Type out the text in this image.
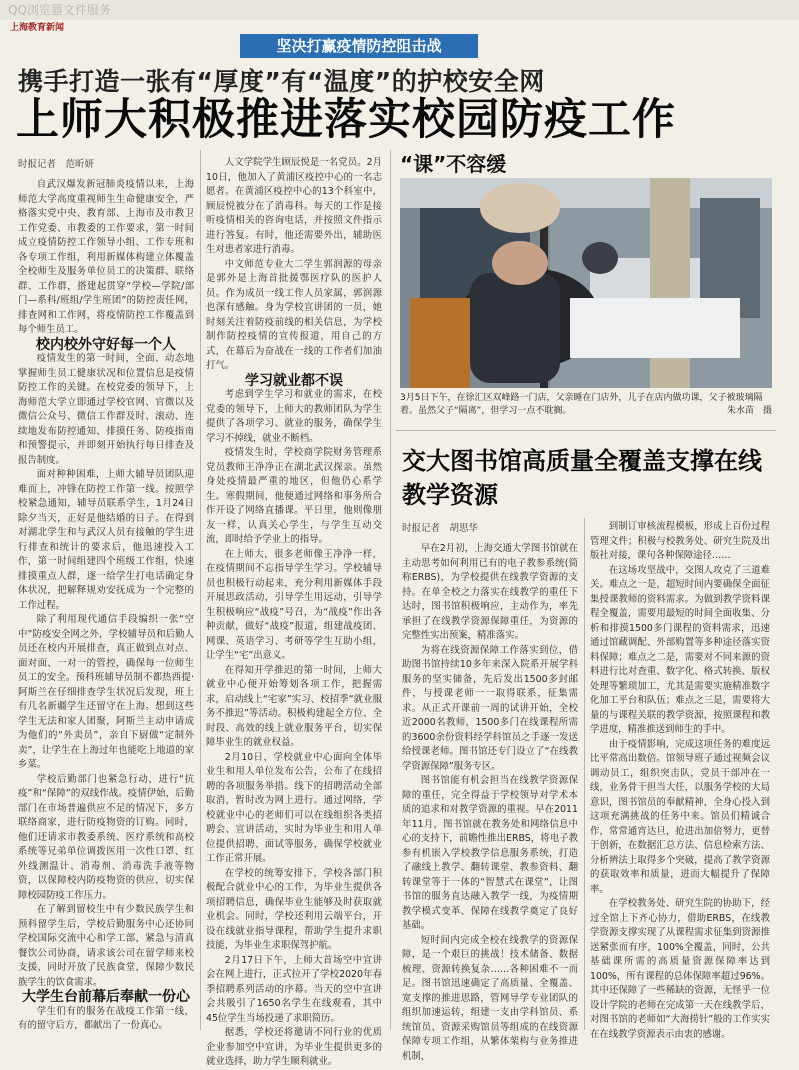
QQ浏览器文件服务
上海教育新闻
坚决打赢疫情防控阻击战
携手打造一张有“厚度”有“温度”的护校安全网
上师大积极推进落实校园防疫工作
时报记者　范昕妍

自武汉爆发新冠肺炎疫情以来，上海师范大学高度重视师生生命健康安全，严格落实党中央、教育部、上海市及市教卫工作党委、市教委的工作要求，第一时间成立疫情防控工作领导小组、工作专班和各专项工作组，利用新媒体构建立体覆盖全校师生及服务单位员工的决策群、联络群、工作群，搭建起贯穿“学校—学院/部门—系科/班组/学生班团”的防控责任网，排查网和工作网，将疫情防控工作覆盖到每个师生员工。

校内校外守好每一个人

疫情发生的第一时间，全面、动态地掌握师生员工健康状况和位置信息是疫情防控工作的关键。在校党委的领导下，上海师范大学立即通过学校官网、官微以及微信公众号、微信工作群及时、滚动、连续地发布防控通知、排摸任务、防疫指南和预警提示，并即刻开始执行每日排查及报告制度。

面对种种困难，上师大辅导员团队迎难而上，冲锋在防控工作第一线。按照学校紧急通知，辅导员联系学生，1月24日除夕当天，正好是他结婚的日子。在得到对湖北学生和与武汉人员有接触的学生进行排查和统计的要求后，他迅速投入工作，第一时间组建四个班级工作组，快速排摸重点人群，逐一给学生打电话确定身体状况，把解释规劝安抚成为一个完整的工作过程。

除了利用现代通信手段编织一张“空中”防疫安全网之外，学校辅导员和后勤人员还在校内开展排查，真正做到点对点、面对面、一对一的管控，确保每一位师生员工的安全。预科班辅导员制不都热西提·阿斯兰在仔细排查学生状况后发现，班上有几名新疆学生还留守在上海。想到这些学生无法和家人团聚，阿斯兰主动申请成为他们的“外卖员”，亲自下厨做“定制外卖”，让学生在上海过年也能吃上地道的家乡菜。

学校后勤部门也紧急行动，进行“抗疫”和“保障”的双线作战。疫情伊始，后勤部门在市场普遍供应不足的情况下，多方联络商家，进行防疫物资的订购。同时，他们还请求市教委系统、医疗系统和高校系统等兄弟单位调拨医用一次性口罩、红外线测温计、消毒剂、消毒洗手液等物资，以保障校内防疫物资的供应，切实保障校园防疫工作压力。

在了解到留校生中有少数民族学生和预科留学生后，学校后勤服务中心还协同学校国际交流中心和学工部，紧急与清真餐饮公司协商，请求该公司在留学师来校支援，同时开放了民族食堂，保障少数民族学生的饮食需求。

大学生台前幕后奉献一份心

学生们有的服务在战疫工作第一线，有的留守后方，都献出了一份真心。

人文学院学生顾辰悦是一名党员。2月10日，他加入了黄浦区疫控中心的一名志愿者。在黄浦区疫控中心的13个科室中，顾辰悦被分在了消毒科。每天的工作是接听疫情相关的咨询电话，并按照文件指示进行答复。有时，他还需要外出，辅助医生对患者家进行消毒。

中文师范专业大二学生郭润源的母亲是郭外是上海首批援鄂医疗队的医护人员。作为成员一线工作人员家属，郭润源也深有感触。身为学校宣讲团的一员，她时刻关注着防疫前线的相关信息，为学校制作防控疫情的宣传报道，用自己的方式，在幕后为奋战在一线的工作者们加油打气。

学习就业都不误

考虑到学生学习和就业的需求，在校党委的领导下，上师大的教师团队为学生提供了各项学习、就业的服务，确保学生学习不掉线，就业不断档。

疫情发生时，学校商学院财务管理系党员教师王净净正在湖北武汉探亲。虽然身处疫情最严重的地区，但他仍心系学生。寒假期间，他便通过网络和事务所合作开设了网络直播课。平日里，他则像朋友一样，认真关心学生，与学生互动交流，即时给予学业上的指导。

在上师大，很多老师像王净净一样，在疫情期间不忘指导学生学习。学校辅导员也积极行动起来，充分利用新媒体手段开展思政活动，引导学生用远动，引导学生积极响应“战疫”号召，为“战疫”作出各种贡献，做好“战疫”报道，组建战疫团、网课、英语学习、考研等学生互助小组，让学生“宅”出意义。

在得知开学推迟的第一时间，上师大就业中心便开始筹划各项工作，把握需求，启动线上“宅家”实习、校招季“就业服务不推迟”等活动。积极构建起全方位、全时段、高效的线上就业服务平台，切实保障毕业生的就业权益。

2月10日，学校就业中心面向全体毕业生和用人单位发布公告，公布了在线招聘的各项服务举措。线下的招聘活动全部取消，暂时改为网上进行。通过网络，学校就业中心的老师们可以在线组织各类招聘会、宣讲活动，实时为毕业生和用人单位提供招聘、面试等服务，确保学校就业工作正常开展。

在学校的统筹安排下，学校各部门积极配合就业中心的工作，为毕业生提供各项招聘信息，确保毕业生能够及时获取就业机会。同时，学校还利用云端平台，开设在线就业指导课程，帮助学生提升求职技能，为毕业生求职保驾护航。

2月17日下午，上师大首场空中宣讲会在网上进行，正式拉开了学校2020年春季招聘系列活动的序幕。当天的空中宣讲会共吸引了1650名学生在线观看，其中45位学生当场投递了求职简历。

据悉，学校还将邀请不同行业的优质企业参加空中宣讲，为毕业生提供更多的就业选择，助力学生顺利就业。

“课”不容缓
3月5日下午，在徐汇区双峰路一门店，父亲睡在门店外，儿子在店内做功课，父子被玻璃隔着。虽然父子“隔离”，但学习一点不耽搁。	朱水苗　摄
交大图书馆高质量全覆盖支撑在线教学资源
时报记者　胡思华

早在2月初，上海交通大学图书馆就在主动思考如何利用已有的电子教参系统(简称ERBS)，为学校提供在线教学资源的支持。在单全校之力落实在线教学的重任下达时，图书馆积极响应，主动作为，率先承担了在线教学资源保障重任，为资源的完整性实出预案，精准落实。

为将在线资源保障工作落实到位，借助图书馆持续10多年来深入院系开展学科服务的坚实储备，先后发出1500多封邮件，与授课老师一一取得联系，征集需求。从正式开课前一周的试讲开始，全校近2000名教师，1500多门在线课程所需的3600余份资料经学科馆员之手逐一发送给授课老师。图书馆还专门设立了“在线教学资源保障”服务专区。

图书馆能有机会担当在线教学资源保障的重任，完全得益于学校领导对学术本质的追求和对教学资源的重视。早在2011年11月，图书馆就在教务处和网络信息中心的支持下，前瞻性推出ERBS，将电子教参有机嵌入学校教学信息服务系统，打造了融线上教学、翻转课堂、教参资料、翻转课堂等于一体的“智慧式在课堂”，让图书馆的服务直达融入教学一线，为疫情期教学模式变革、保障在线教学奠定了良好基础。

短时间内完成全校在线教学的资源保障，是一个艰巨的挑战！技术储备、数据梳理、资源转换复杂……各种困难不一而足。图书馆迅速确定了高质量、全覆盖、宽支撑的推进思路，管网导学专业团队的组织加速运转，组建一支由学科馆员、系统馆员、资源采购馆员等组成的在线资源保障专项工作组，从繁体架构与业务推进机制，

到制订审核流程模板，形成上百份过程管理文件；积极与校教务处、研究生院及出版社对接，课句各种保障途径……

在这场攻坚战中，交图人攻克了三道难关。难点之一是，超短时间内要确保全面征集授课教师的资料需求。为做到教学资料课程全覆盖，需要用最短的时间全面收集、分析和排摸1500多门课程的资料需求，迅速通过馆藏调配、外部购置等多种途径落实资料保障；难点之二是，需要对不同来源的资料进行比对查重、数字化、格式转换、版权处理等繁琐加工，尤其是需要实施精准数字化加工平台和队伍；难点之三是，需要将大量的与课程关联的教学资源，按照课程和教学进度，精准推送到师生的手中。

由于疫情影响，完成这项任务的难度远比平常高出数倍。馆领导班子通过视频会议调动员工，组织突击队，党员干部冲在一线，业务骨干担当大任，以服务学校的大局意识，图书馆员的奉献精神，全身心投入到这项充满挑战的任务中来。馆员们精诚合作，常常通宵达旦，抢进出加倍努力，更替于创新，在数据汇总方法、信息检索方法、分析辨法上取得多个突破，提高了教学资源的获取效率和质量，进而大幅提升了保障率。

在学校教务处、研究生院的协助下，经过全馆上下齐心协力，借助ERBS，在线教学资源支撑实现了从课程需求征集到资源推送紧张而有序，100%全覆盖，同时，公共基础课所需的高质量资源保障率达到100%，所有课程的总体保障率超过96%。其中还保障了一些稀缺的资源，无怪乎一位设计学院的老师在完成第一天在线教学后，对图书馆的老师如“大海捞针”般的工作实实在在线教学资源表示由衷的感谢。
